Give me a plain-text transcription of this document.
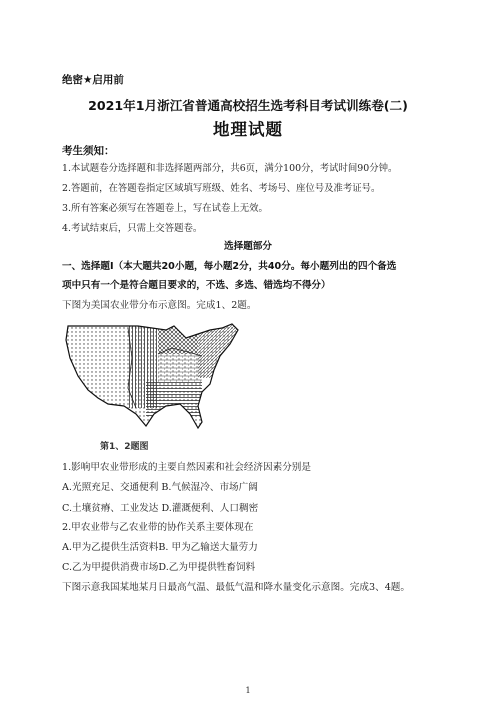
绝密★启用前
2021年1月浙江省普通高校招生选考科目考试训练卷(二)
地理试题
考生须知：
1.本试题卷分选择题和非选择题两部分，共6页，满分100分，考试时间90分钟。
2.答题前，在答题卷指定区域填写班级、姓名、考场号、座位号及准考证号。
3.所有答案必须写在答题卷上，写在试卷上无效。
4.考试结束后，只需上交答题卷。
选择题部分
一、选择题Ⅰ（本大题共20小题，每小题2分，共40分。每小题列出的四个备选
项中只有一个是符合题目要求的，不选、多选、错选均不得分）
下图为美国农业带分布示意图。完成1、2题。
第1、2题图
1.影响甲农业带形成的主要自然因素和社会经济因素分别是
A.光照充足、交通便利 B.气候湿冷、市场广阔
C.土壤贫瘠、工业发达 D.灌溉便利、人口稠密
2.甲农业带与乙农业带的协作关系主要体现在
A.甲为乙提供生活资料B. 甲为乙输送大量劳力
C.乙为甲提供消费市场D.乙为甲提供牲畜饲料
下图示意我国某地某月日最高气温、最低气温和降水量变化示意图。完成3、4题。
1
